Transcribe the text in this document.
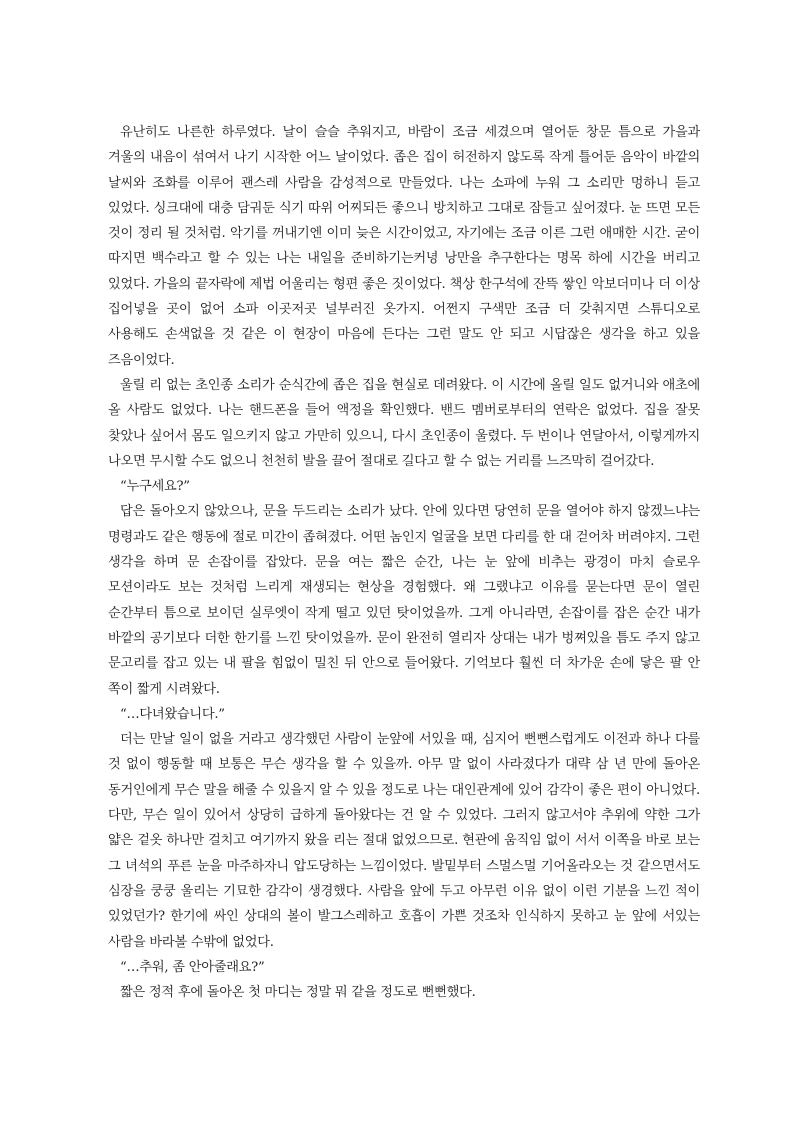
유난히도 나른한 하루였다. 날이 슬슬 추워지고, 바람이 조금 세겼으며 열어둔 창문 틈으로 가을과 겨울의 내음이 섞여서 나기 시작한 어느 날이었다. 좁은 집이 허전하지 않도록 작게 틀어둔 음악이 바깥의 날씨와 조화를 이루어 괜스레 사람을 감성적으로 만들었다. 나는 소파에 누워 그 소리만 멍하니 듣고 있었다. 싱크대에 대충 담궈둔 식기 따위 어찌되든 좋으니 방치하고 그대로 잠들고 싶어졌다. 눈 뜨면 모든 것이 정리 될 것처럼. 악기를 꺼내기엔 이미 늦은 시간이었고, 자기에는 조금 이른 그런 애매한 시간. 굳이 따지면 백수라고 할 수 있는 나는 내일을 준비하기는커녕 낭만을 추구한다는 명목 하에 시간을 버리고 있었다. 가을의 끝자락에 제법 어울리는 형편 좋은 짓이었다. 책상 한구석에 잔뜩 쌓인 악보더미나 더 이상 집어넣을 곳이 없어 소파 이곳저곳 널부러진 옷가지. 어쩐지 구색만 조금 더 갖춰지면 스튜디오로 사용해도 손색없을 것 같은 이 현장이 마음에 든다는 그런 말도 안 되고 시답잖은 생각을 하고 있을 즈음이었다.

울릴 리 없는 초인종 소리가 순식간에 좁은 집을 현실로 데려왔다. 이 시간에 올릴 일도 없거니와 애초에 올 사람도 없었다. 나는 핸드폰을 들어 액정을 확인했다. 밴드 멤버로부터의 연락은 없었다. 집을 잘못 찾았나 싶어서 몸도 일으키지 않고 가만히 있으니, 다시 초인종이 울렸다. 두 번이나 연달아서, 이렇게까지 나오면 무시할 수도 없으니 천천히 발을 끌어 절대로 길다고 할 수 없는 거리를 느즈막히 걸어갔다.

“누구세요?”

답은 돌아오지 않았으나, 문을 두드리는 소리가 났다. 안에 있다면 당연히 문을 열어야 하지 않겠느냐는 명령과도 같은 행동에 절로 미간이 좁혀졌다. 어떤 놈인지 얼굴을 보면 다리를 한 대 걷어차 버려야지. 그런 생각을 하며 문 손잡이를 잡았다. 문을 여는 짧은 순간, 나는 눈 앞에 비추는 광경이 마치 슬로우 모션이라도 보는 것처럼 느리게 재생되는 현상을 경험했다. 왜 그랬냐고 이유를 묻는다면 문이 열린 순간부터 틈으로 보이던 실루엣이 작게 떨고 있던 탓이었을까. 그게 아니라면, 손잡이를 잡은 순간 내가 바깥의 공기보다 더한 한기를 느낀 탓이었을까. 문이 완전히 열리자 상대는 내가 벙쪄있을 틈도 주지 않고 문고리를 잡고 있는 내 팔을 힘없이 밀친 뒤 안으로 들어왔다. 기억보다 훨씬 더 차가운 손에 닿은 팔 안 쪽이 짧게 시려왔다.

“…다녀왔습니다.”

더는 만날 일이 없을 거라고 생각했던 사람이 눈앞에 서있을 때, 심지어 뻔뻔스럽게도 이전과 하나 다를 것 없이 행동할 때 보통은 무슨 생각을 할 수 있을까. 아무 말 없이 사라졌다가 대략 삼 년 만에 돌아온 동거인에게 무슨 말을 해줄 수 있을지 알 수 있을 정도로 나는 대인관계에 있어 감각이 좋은 편이 아니었다. 다만, 무슨 일이 있어서 상당히 급하게 돌아왔다는 건 알 수 있었다. 그러지 않고서야 추위에 약한 그가 얇은 겉옷 하나만 걸치고 여기까지 왔을 리는 절대 없었으므로. 현관에 움직임 없이 서서 이쪽을 바로 보는 그 녀석의 푸른 눈을 마주하자니 압도당하는 느낌이었다. 발밑부터 스멀스멀 기어올라오는 것 같으면서도 심장을 쿵쿵 울리는 기묘한 감각이 생경했다. 사람을 앞에 두고 아무런 이유 없이 이런 기분을 느낀 적이 있었던가? 한기에 싸인 상대의 볼이 발그스레하고 호흡이 가쁜 것조차 인식하지 못하고 눈 앞에 서있는 사람을 바라볼 수밖에 없었다.

“…추워, 좀 안아줄래요?”

짧은 정적 후에 돌아온 첫 마디는 정말 뭐 같을 정도로 뻔뻔했다.
